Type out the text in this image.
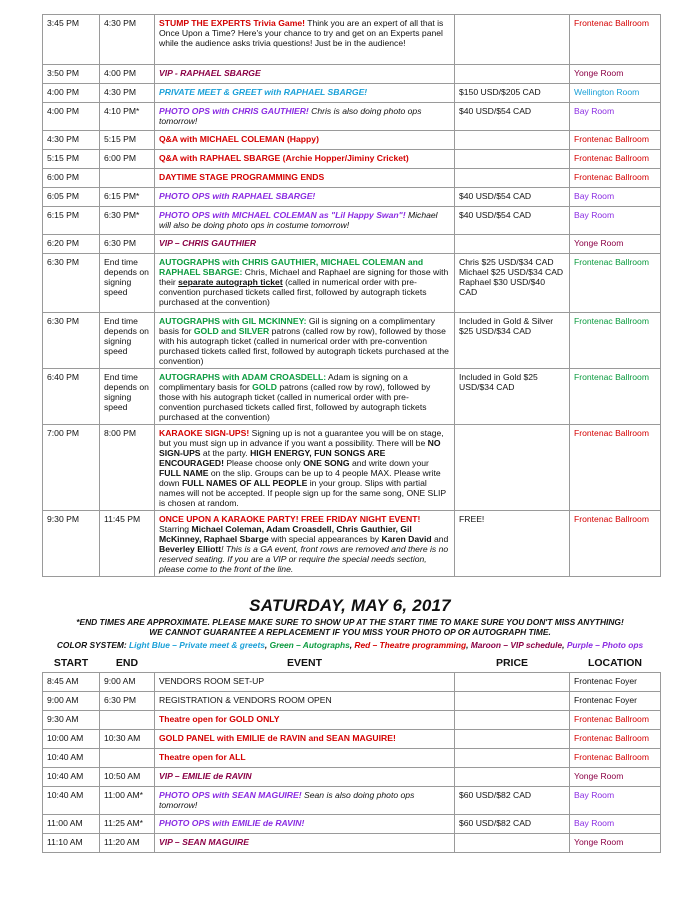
3:45 PM	4:30 PM	STUMP THE EXPERTS Trivia Game! Think you are an expert of all that is Once Upon a Time? Here's your chance to try and get on an Experts panel while the audience asks trivia questions! Just be in the audience!		Frontenac Ballroom
3:50 PM	4:00 PM	VIP - RAPHAEL SBARGE		Yonge Room
4:00 PM	4:30 PM	PRIVATE MEET & GREET with RAPHAEL SBARGE!	$150 USD/$205 CAD	Wellington Room
4:00 PM	4:10 PM*	PHOTO OPS with CHRIS GAUTHIER! Chris is also doing photo ops tomorrow!	$40 USD/$54 CAD	Bay Room
4:30 PM	5:15 PM	Q&A with MICHAEL COLEMAN (Happy)		Frontenac Ballroom
5:15 PM	6:00 PM	Q&A with RAPHAEL SBARGE (Archie Hopper/Jiminy Cricket)		Frontenac Ballroom
6:00 PM		DAYTIME STAGE PROGRAMMING ENDS		Frontenac Ballroom
6:05 PM	6:15 PM*	PHOTO OPS with RAPHAEL SBARGE!	$40 USD/$54 CAD	Bay Room
6:15 PM	6:30 PM*	PHOTO OPS with MICHAEL COLEMAN as "Lil Happy Swan"! Michael will also be doing photo ops in costume tomorrow!	$40 USD/$54 CAD	Bay Room
6:20 PM	6:30 PM	VIP – CHRIS GAUTHIER		Yonge Room
6:30 PM	End time depends on signing speed	AUTOGRAPHS with CHRIS GAUTHIER, MICHAEL COLEMAN and RAPHAEL SBARGE: Chris, Michael and Raphael are signing for those with their separate autograph ticket (called in numerical order with pre-convention purchased tickets called first, followed by autograph tickets purchased at the convention)	Chris $25 USD/$34 CAD Michael $25 USD/$34 CAD Raphael $30 USD/$40 CAD	Frontenac Ballroom
6:30 PM	End time depends on signing speed	AUTOGRAPHS with GIL MCKINNEY: Gil is signing on a complimentary basis for GOLD and SILVER patrons (called row by row), followed by those with his autograph ticket (called in numerical order with pre-convention purchased tickets called first, followed by autograph tickets purchased at the convention)	Included in Gold & Silver $25 USD/$34 CAD	Frontenac Ballroom
6:40 PM	End time depends on signing speed	AUTOGRAPHS with ADAM CROASDELL: Adam is signing on a complimentary basis for GOLD patrons (called row by row), followed by those with his autograph ticket (called in numerical order with pre-convention purchased tickets called first, followed by autograph tickets purchased at the convention)	Included in Gold $25 USD/$34 CAD	Frontenac Ballroom
7:00 PM	8:00 PM	KARAOKE SIGN-UPS! Signing up is not a guarantee you will be on stage, but you must sign up in advance if you want a possibility. There will be NO SIGN-UPS at the party. HIGH ENERGY, FUN SONGS ARE ENCOURAGED! Please choose only ONE SONG and write down your FULL NAME on the slip. Groups can be up to 4 people MAX. Please write down FULL NAMES OF ALL PEOPLE in your group. Slips with partial names will not be accepted. If people sign up for the same song, ONE SLIP is chosen at random.		Frontenac Ballroom
9:30 PM	11:45 PM	ONCE UPON A KARAOKE PARTY! FREE FRIDAY NIGHT EVENT! Starring Michael Coleman, Adam Croasdell, Chris Gauthier, Gil McKinney, Raphael Sbarge with special appearances by Karen David and Beverley Elliott! This is a GA event, front rows are removed and there is no reserved seating. If you are a VIP or require the special needs section, please come to the front of the line.	FREE!	Frontenac Ballroom
SATURDAY, MAY 6, 2017
*END TIMES ARE APPROXIMATE. PLEASE MAKE SURE TO SHOW UP AT THE START TIME TO MAKE SURE YOU DON'T MISS ANYTHING!
WE CANNOT GUARANTEE A REPLACEMENT IF YOU MISS YOUR PHOTO OP OR AUTOGRAPH TIME.
COLOR SYSTEM: Light Blue – Private meet & greets, Green – Autographs, Red – Theatre programming, Maroon – VIP schedule, Purple – Photo ops
START	END	EVENT	PRICE	LOCATION
8:45 AM	9:00 AM	VENDORS ROOM SET-UP		Frontenac Foyer
9:00 AM	6:30 PM	REGISTRATION & VENDORS ROOM OPEN		Frontenac Foyer
9:30 AM		Theatre open for GOLD ONLY		Frontenac Ballroom
10:00 AM	10:30 AM	GOLD PANEL with EMILIE de RAVIN and SEAN MAGUIRE!		Frontenac Ballroom
10:40 AM		Theatre open for ALL		Frontenac Ballroom
10:40 AM	10:50 AM	VIP – EMILIE de RAVIN		Yonge Room
10:40 AM	11:00 AM*	PHOTO OPS with SEAN MAGUIRE! Sean is also doing photo ops tomorrow!	$60 USD/$82 CAD	Bay Room
11:00 AM	11:25 AM*	PHOTO OPS with EMILIE de RAVIN!	$60 USD/$82 CAD	Bay Room
11:10 AM	11:20 AM	VIP – SEAN MAGUIRE		Yonge Room
